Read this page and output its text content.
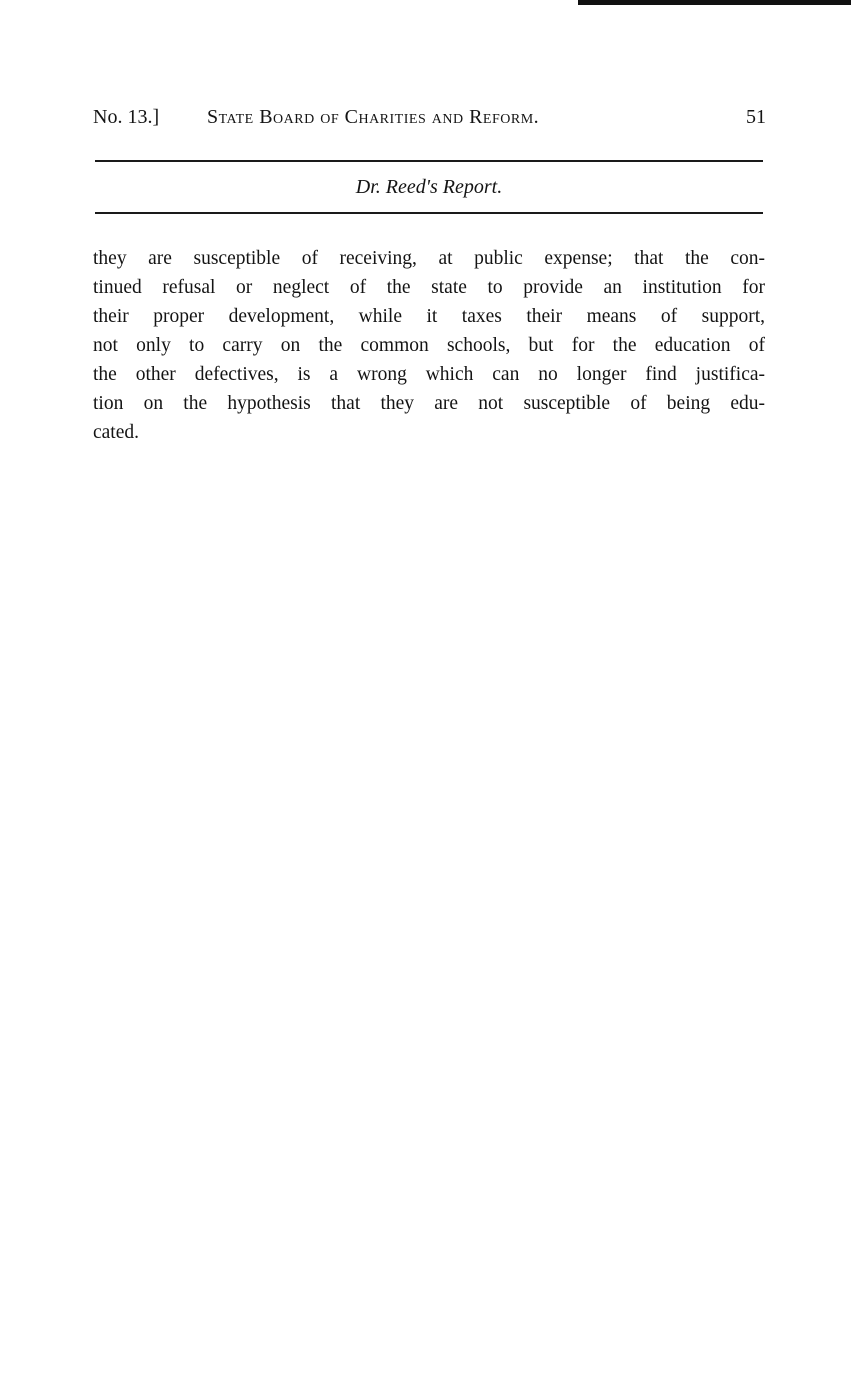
No. 13.] State Board of Charities and Reform.	51
Dr. Reed's Report.
they are susceptible of receiving, at public expense; that the con-
tinued refusal or neglect of the state to provide an institution for
their proper development, while it taxes their means of support,
not only to carry on the common schools, but for the education of
the other defectives, is a wrong which can no longer find justifica-
tion on the hypothesis that they are not susceptible of being edu-
cated.
